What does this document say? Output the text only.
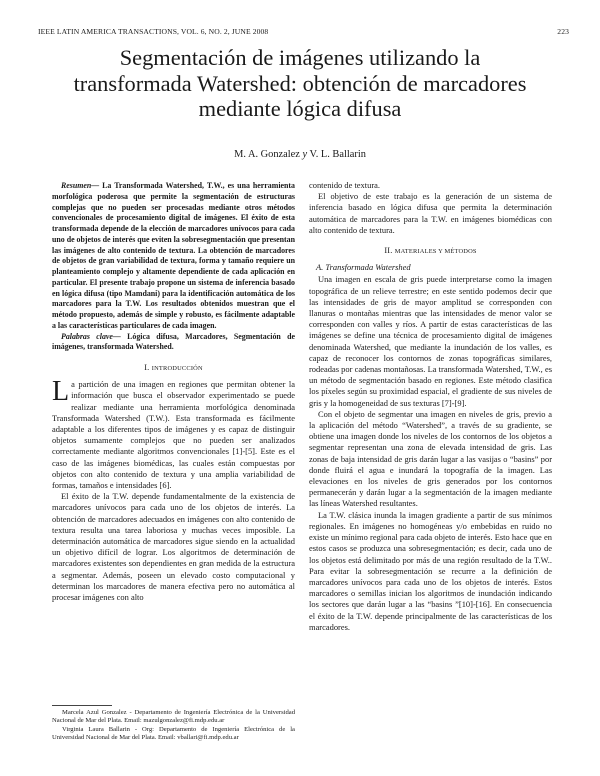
IEEE LATIN AMERICA TRANSACTIONS, VOL. 6, NO. 2, JUNE 2008	223
Segmentación de imágenes utilizando la transformada Watershed: obtención de marcadores mediante lógica difusa
M. A. Gonzalez y V. L. Ballarin

Resumen— La Transformada Watershed, T.W., es una herramienta morfológica poderosa que permite la segmentación de estructuras complejas que no pueden ser procesadas mediante otros métodos convencionales de procesamiento digital de imágenes. El éxito de esta transformada depende de la elección de marcadores unívocos para cada uno de objetos de interés que eviten la sobresegmentación que presentan las imágenes de alto contenido de textura. La obtención de marcadores de objetos de gran variabilidad de textura, forma y tamaño requiere un planteamiento complejo y altamente dependiente de cada aplicación en particular. El presente trabajo propone un sistema de inferencia basado en lógica difusa (tipo Mamdani) para la identificación automática de los marcadores para la T.W. Los resultados obtenidos muestran que el método propuesto, además de simple y robusto, es fácilmente adaptable a las características particulares de cada imagen.

Palabras clave— Lógica difusa, Marcadores, Segmentación de imágenes, transformada Watershed.

I. INTRODUCCIÓN

La partición de una imagen en regiones que permitan obtener la información que busca el observador experimentado se puede realizar mediante una herramienta morfológica denominada Transformada Watershed (T.W.). Esta transformada es fácilmente adaptable a los diferentes tipos de imágenes y es capaz de distinguir objetos sumamente complejos que no pueden ser analizados correctamente mediante algoritmos convencionales [1]-[5]. Este es el caso de las imágenes biomédicas, las cuales están compuestas por objetos con alto contenido de textura y una amplia variabilidad de formas, tamaños e intensidades [6].

El éxito de la T.W. depende fundamentalmente de la existencia de marcadores unívocos para cada uno de los objetos de interés. La obtención de marcadores adecuados en imágenes con alto contenido de textura resulta una tarea laboriosa y muchas veces imposible. La determinación automática de marcadores sigue siendo en la actualidad un objetivo difícil de lograr. Los algoritmos de determinación de marcadores existentes son dependientes en gran medida de la estructura a segmentar. Además, poseen un elevado costo computacional y determinan los marcadores de manera efectiva pero no automática al procesar imágenes con alto

contenido de textura.

El objetivo de este trabajo es la generación de un sistema de inferencia basado en lógica difusa que permita la determinación automática de marcadores para la T.W. en imágenes biomédicas con alto contenido de textura.

II. MATERIALES Y MÉTODOS
A. Transformada Watershed

Una imagen en escala de gris puede interpretarse como la imagen topográfica de un relieve terrestre; en este sentido podemos decir que las intensidades de gris de mayor amplitud se corresponden con llanuras o montañas mientras que las intensidades de menor valor se corresponden con valles y ríos. A partir de estas características de las imágenes se define una técnica de procesamiento digital de imágenes denominada Watershed, que mediante la inundación de los valles, es capaz de reconocer los contornos de zonas topográficas similares, rodeadas por cadenas montañosas. La transformada Watershed, T.W., es un método de segmentación basado en regiones. Este método clasifica los píxeles según su proximidad espacial, el gradiente de sus niveles de gris y la homogeneidad de sus texturas [7]-[9].

Con el objeto de segmentar una imagen en niveles de gris, previo a la aplicación del método “Watershed”, a través de su gradiente, se obtiene una imagen donde los niveles de los contornos de los objetos a segmentar representan una zona de elevada intensidad de gris. Las zonas de baja intensidad de gris darán lugar a las vasijas o “basins” por donde fluirá el agua e inundará la topografía de la imagen. Las elevaciones en los niveles de gris generados por los contornos permanecerán y darán lugar a la segmentación de la imagen mediante las líneas Watershed resultantes.

La T.W. clásica inunda la imagen gradiente a partir de sus mínimos regionales. En imágenes no homogéneas y/o embebidas en ruido no existe un mínimo regional para cada objeto de interés. Esto hace que en estos casos se produzca una sobresegmentación; es decir, cada uno de los objetos está delimitado por más de una región resultado de la T.W.. Para evitar la sobresegmentación se recurre a la definición de marcadores unívocos para cada uno de los objetos de interés. Estos marcadores o semillas inician los algoritmos de inundación indicando los sectores que darán lugar a las “basins ”[10]-[16]. En consecuencia el éxito de la T.W. depende principalmente de las características de los marcadores.

Marcela Azul Gonzalez - Departamento de Ingeniería Electrónica de la Universidad Nacional de Mar del Plata. Email: mazulgonzalez@fi.mdp.edu.ar

Virginia Laura Ballarin - Org: Departamento de Ingeniería Electrónica de la Universidad Nacional de Mar del Plata. Email: vballari@fi.mdp.edu.ar
